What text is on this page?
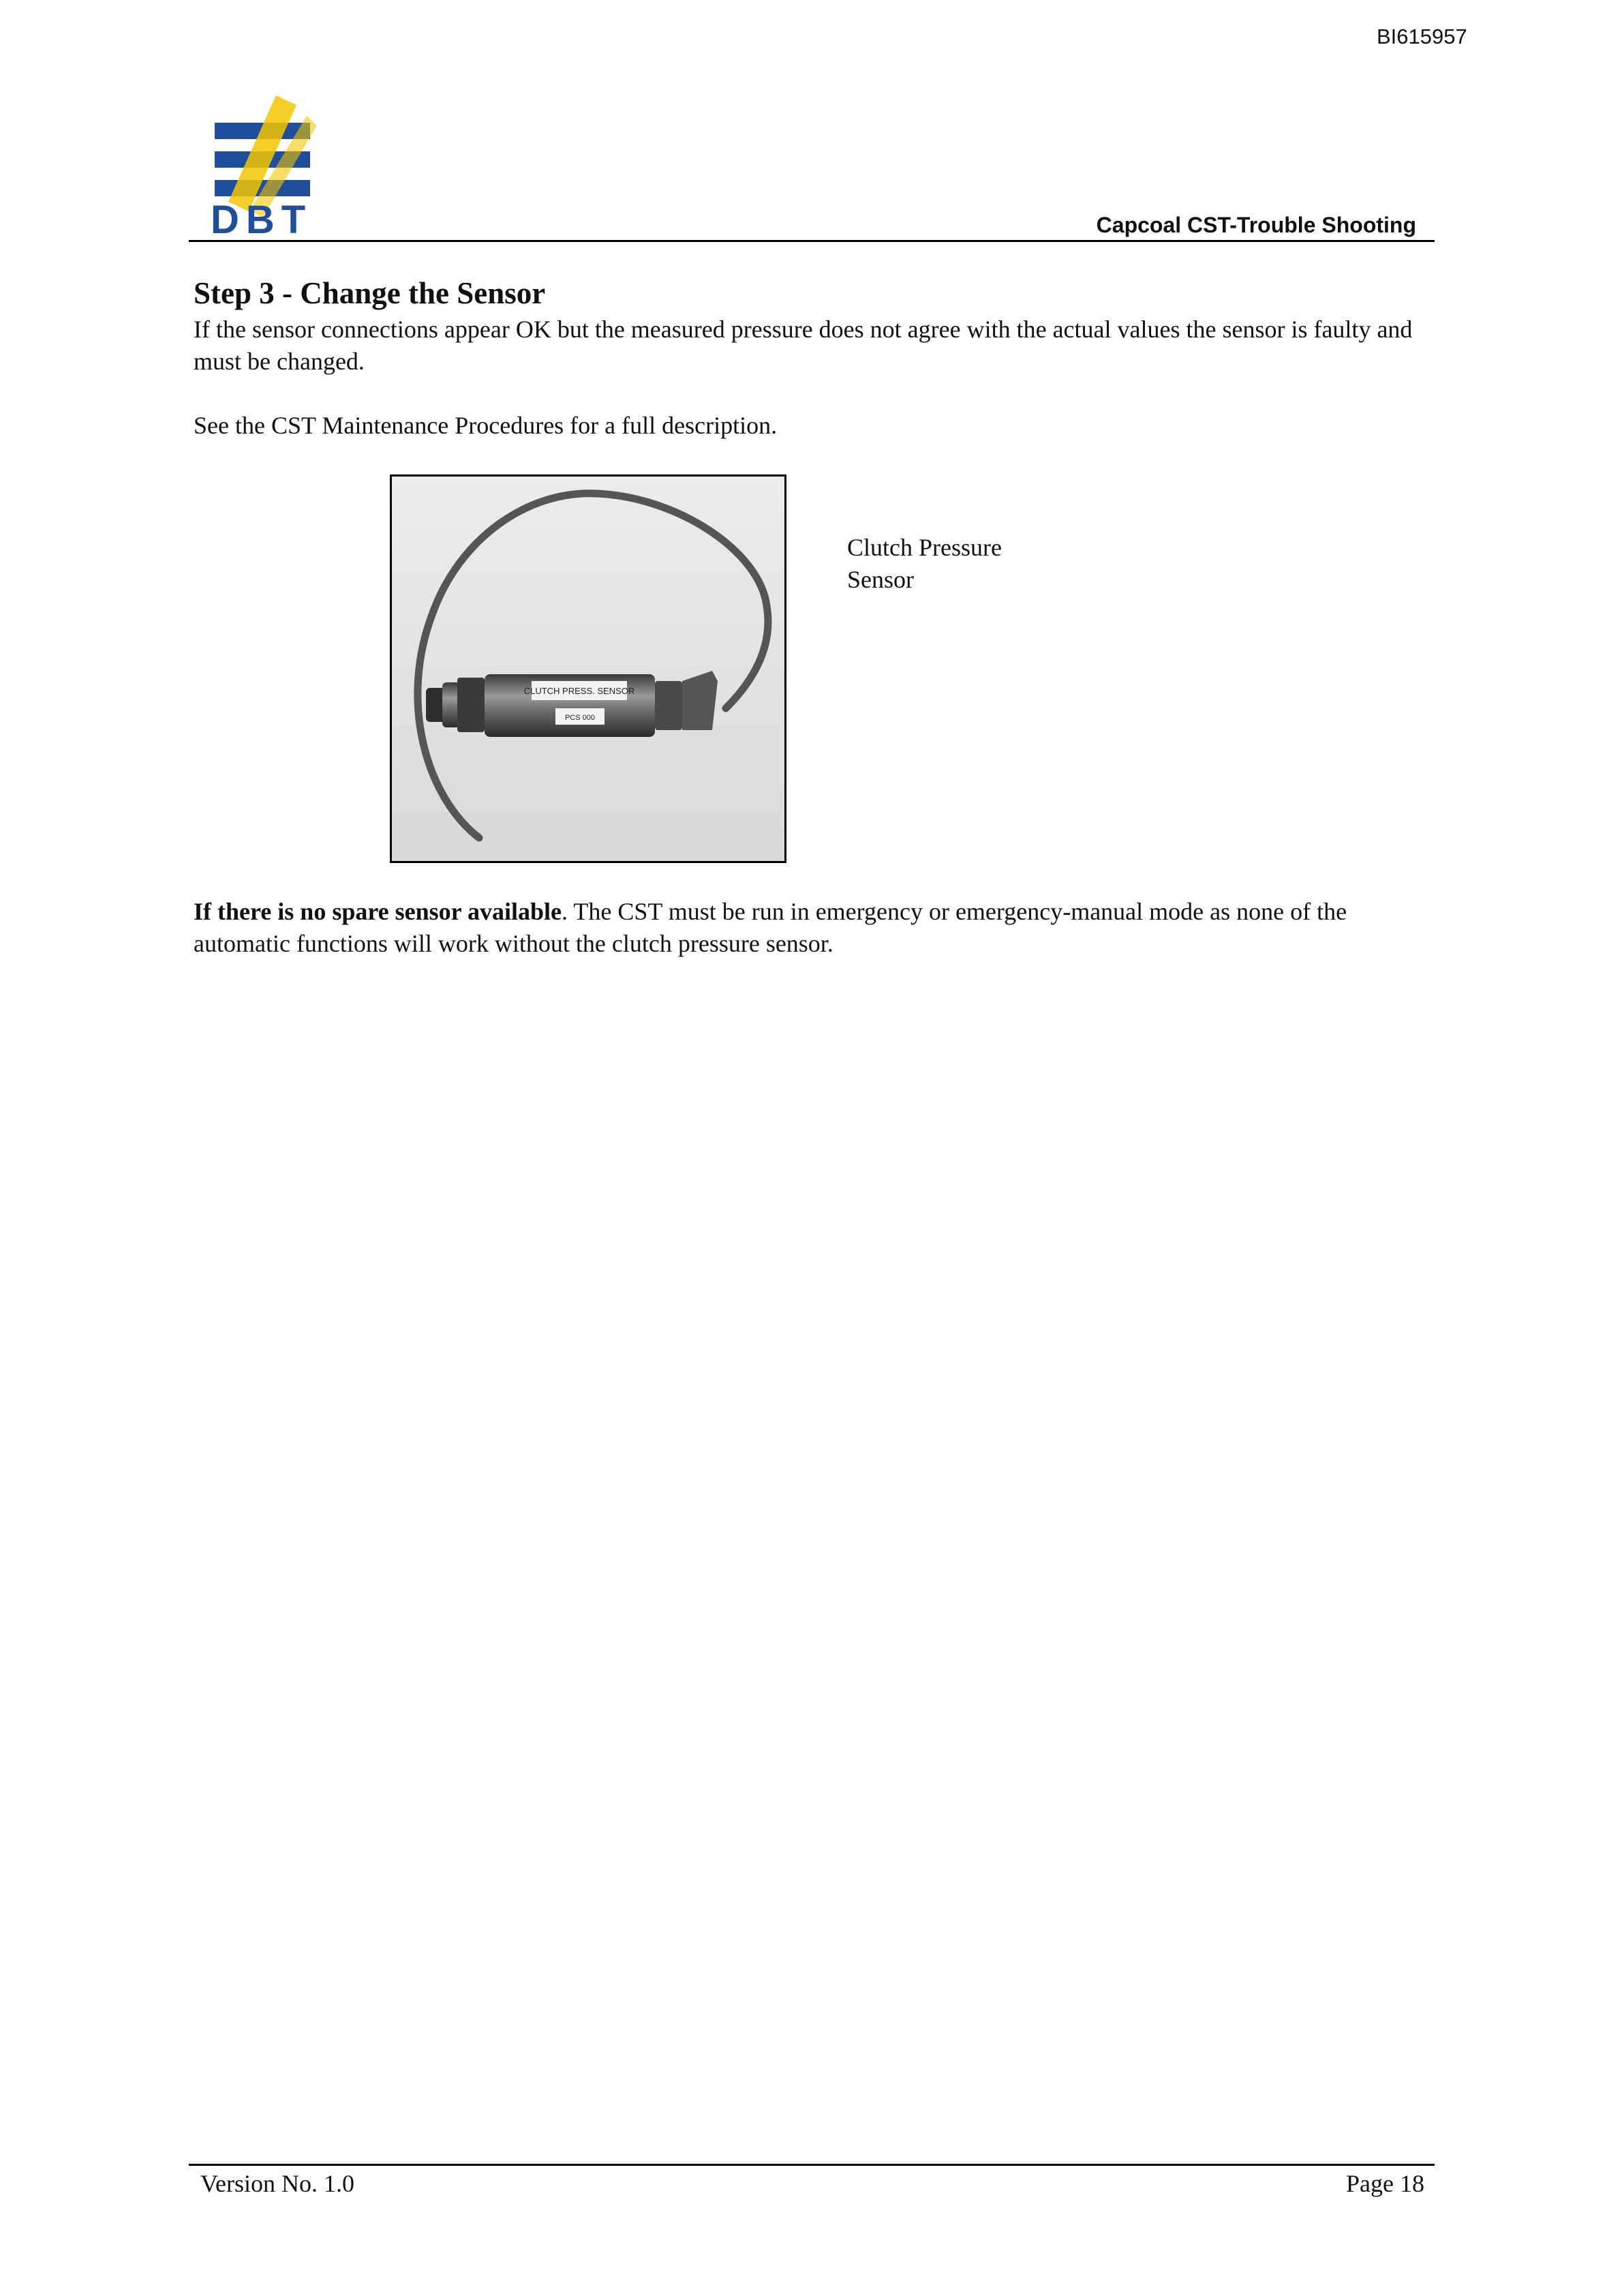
BI615957
DBT	Capcoal CST-Trouble Shooting
Step 3 - Change the Sensor

If the sensor connections appear OK but the measured pressure does not agree with the actual values the sensor is faulty and must be changed.

See the CST Maintenance Procedures for a full description.

CLUTCH PRESS. SENSOR
PCS 000
Clutch Pressure
Sensor

If there is no spare sensor available. The CST must be run in emergency or emergency-manual mode as none of the automatic functions will work without the clutch pressure sensor.

Version No. 1.0	Page 18
